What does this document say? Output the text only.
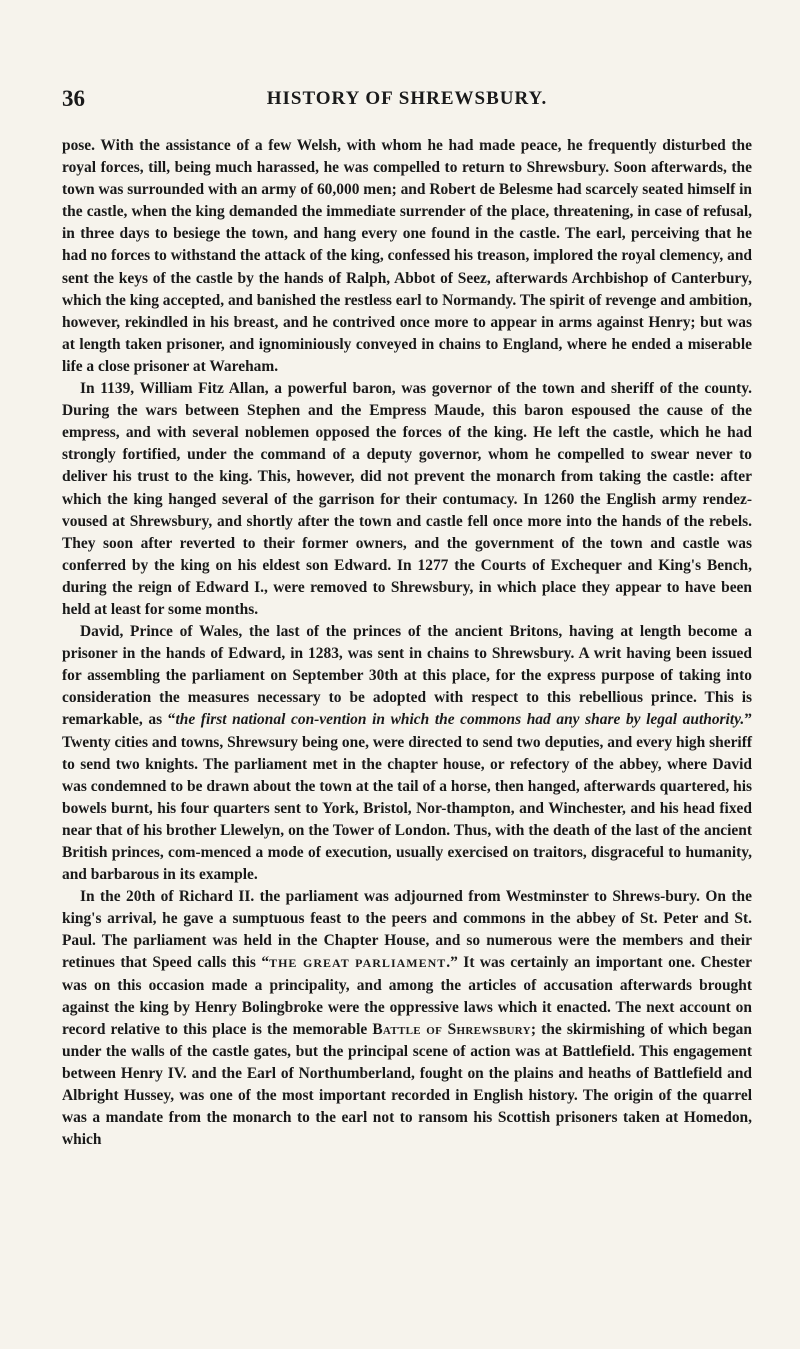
36	HISTORY OF SHREWSBURY.

pose. With the assistance of a few Welsh, with whom he had made peace, he frequently disturbed the royal forces, till, being much harassed, he was compelled to return to Shrewsbury. Soon afterwards, the town was surrounded with an army of 60,000 men; and Robert de Belesme had scarcely seated himself in the castle, when the king demanded the immediate surrender of the place, threatening, in case of refusal, in three days to besiege the town, and hang every one found in the castle. The earl, perceiving that he had no forces to withstand the attack of the king, confessed his treason, implored the royal clemency, and sent the keys of the castle by the hands of Ralph, Abbot of Seez, afterwards Archbishop of Canterbury, which the king accepted, and banished the restless earl to Normandy. The spirit of revenge and ambition, however, rekindled in his breast, and he contrived once more to appear in arms against Henry; but was at length taken prisoner, and ignominiously conveyed in chains to England, where he ended a miserable life a close prisoner at Wareham.

In 1139, William Fitz Allan, a powerful baron, was governor of the town and sheriff of the county. During the wars between Stephen and the Empress Maude, this baron espoused the cause of the empress, and with several noblemen opposed the forces of the king. He left the castle, which he had strongly fortified, under the command of a deputy governor, whom he compelled to swear never to deliver his trust to the king. This, however, did not prevent the monarch from taking the castle: after which the king hanged several of the garrison for their contumacy. In 1260 the English army rendez-voused at Shrewsbury, and shortly after the town and castle fell once more into the hands of the rebels. They soon after reverted to their former owners, and the government of the town and castle was conferred by the king on his eldest son Edward. In 1277 the Courts of Exchequer and King's Bench, during the reign of Edward I., were removed to Shrewsbury, in which place they appear to have been held at least for some months.

David, Prince of Wales, the last of the princes of the ancient Britons, having at length become a prisoner in the hands of Edward, in 1283, was sent in chains to Shrewsbury. A writ having been issued for assembling the parliament on September 30th at this place, for the express purpose of taking into consideration the measures necessary to be adopted with respect to this rebellious prince. This is remarkable, as “the first national con-vention in which the commons had any share by legal authority.” Twenty cities and towns, Shrewsury being one, were directed to send two deputies, and every high sheriff to send two knights. The parliament met in the chapter house, or refectory of the abbey, where David was condemned to be drawn about the town at the tail of a horse, then hanged, afterwards quartered, his bowels burnt, his four quarters sent to York, Bristol, Nor-thampton, and Winchester, and his head fixed near that of his brother Llewelyn, on the Tower of London. Thus, with the death of the last of the ancient British princes, com-menced a mode of execution, usually exercised on traitors, disgraceful to humanity, and barbarous in its example.

In the 20th of Richard II. the parliament was adjourned from Westminster to Shrews-bury. On the king's arrival, he gave a sumptuous feast to the peers and commons in the abbey of St. Peter and St. Paul. The parliament was held in the Chapter House, and so numerous were the members and their retinues that Speed calls this “THE GREAT PARLIAMENT.” It was certainly an important one. Chester was on this occasion made a principality, and among the articles of accusation afterwards brought against the king by Henry Bolingbroke were the oppressive laws which it enacted. The next account on record relative to this place is the memorable Battle of Shrewsbury; the skirmishing of which began under the walls of the castle gates, but the principal scene of action was at Battlefield. This engagement between Henry IV. and the Earl of Northumberland, fought on the plains and heaths of Battlefield and Albright Hussey, was one of the most important recorded in English history. The origin of the quarrel was a mandate from the monarch to the earl not to ransom his Scottish prisoners taken at Homedon, which
